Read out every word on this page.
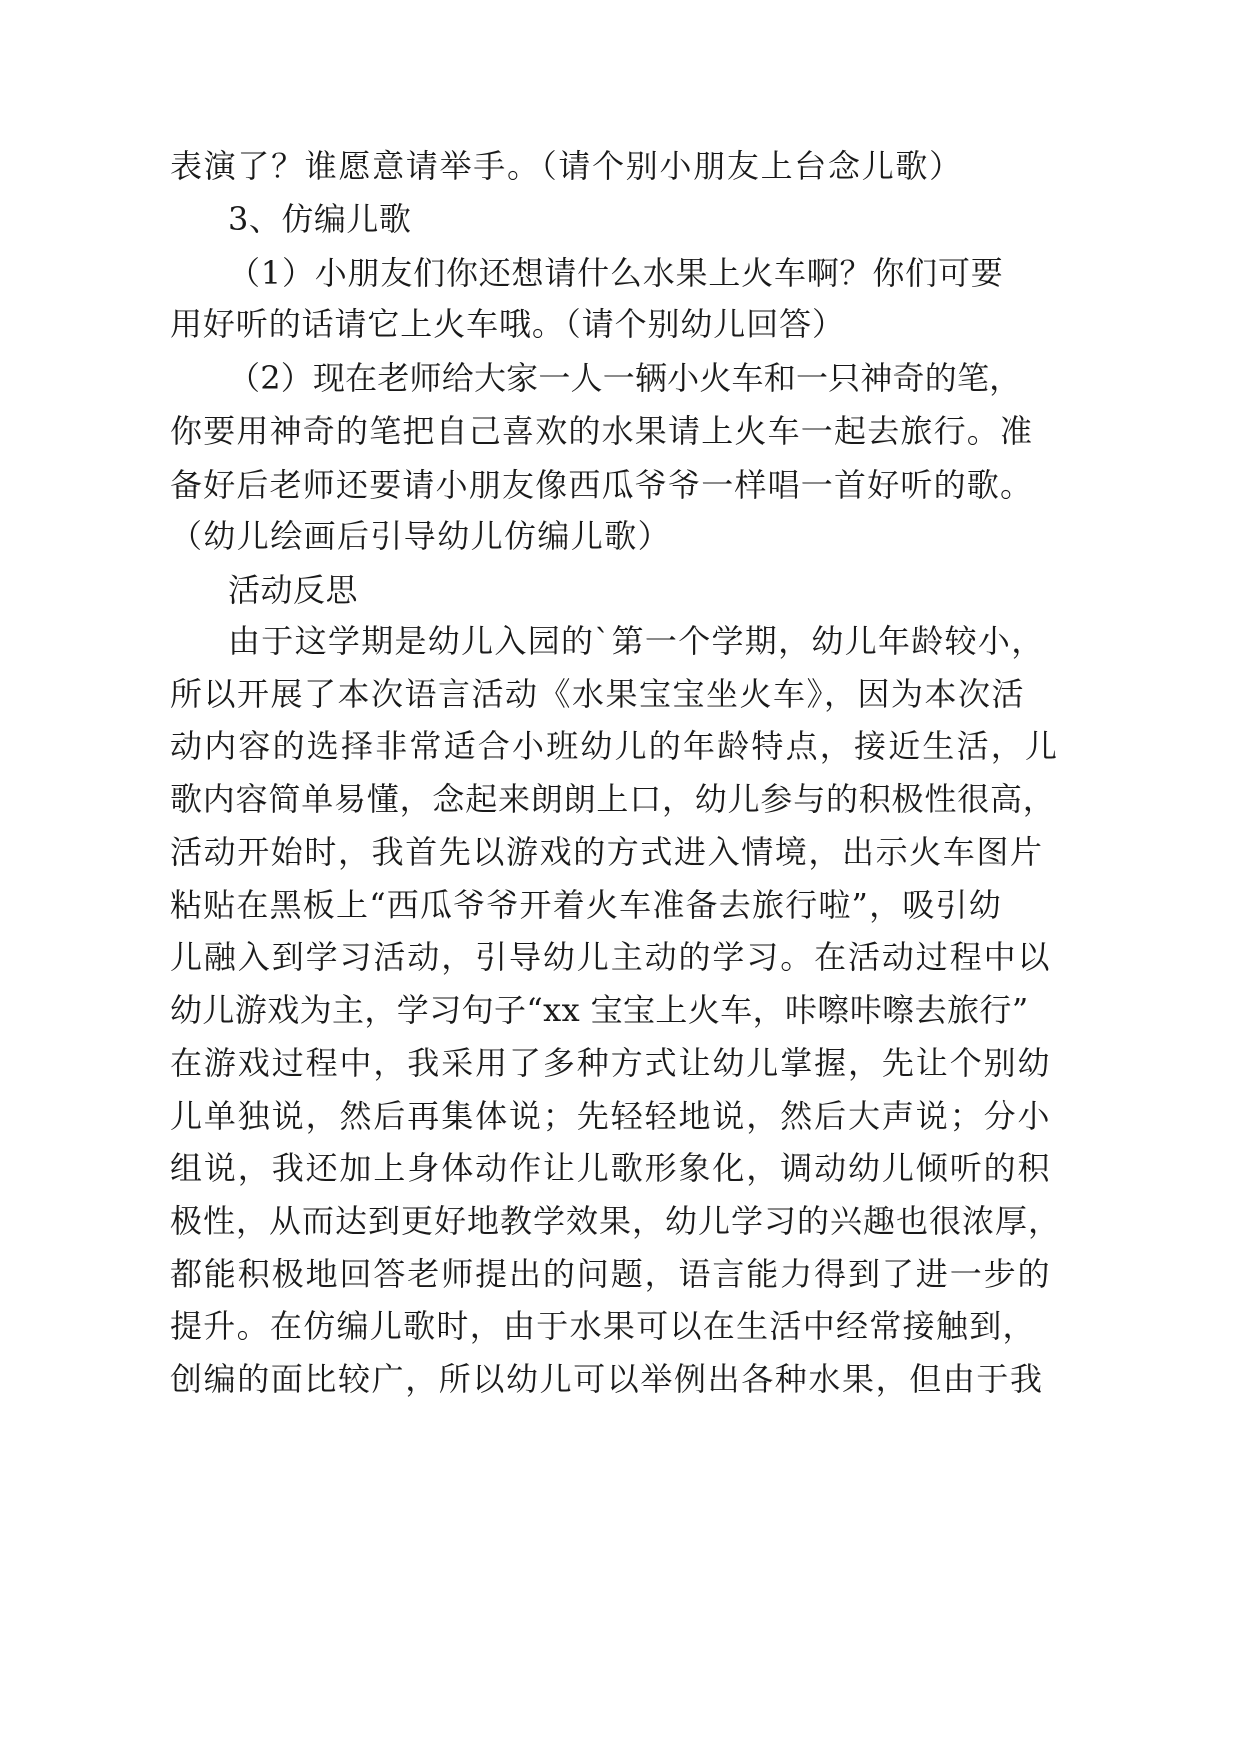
表演了？谁愿意请举手。（请个别小朋友上台念儿歌）
3、仿编儿歌
（1）小朋友们你还想请什么水果上火车啊？你们可要
用好听的话请它上火车哦。（请个别幼儿回答）
（2）现在老师给大家一人一辆小火车和一只神奇的笔，
你要用神奇的笔把自己喜欢的水果请上火车一起去旅行。准
备好后老师还要请小朋友像西瓜爷爷一样唱一首好听的歌。
（幼儿绘画后引导幼儿仿编儿歌）
活动反思
由于这学期是幼儿入园的`第一个学期，幼儿年龄较小，
所以开展了本次语言活动《水果宝宝坐火车》，因为本次活
动内容的选择非常适合小班幼儿的年龄特点，接近生活，儿
歌内容简单易懂，念起来朗朗上口，幼儿参与的积极性很高，
活动开始时，我首先以游戏的方式进入情境，出示火车图片
粘贴在黑板上“西瓜爷爷开着火车准备去旅行啦”，吸引幼
儿融入到学习活动，引导幼儿主动的学习。在活动过程中以
幼儿游戏为主，学习句子“xx 宝宝上火车，咔嚓咔嚓去旅行”
在游戏过程中，我采用了多种方式让幼儿掌握，先让个别幼
儿单独说，然后再集体说；先轻轻地说，然后大声说；分小
组说，我还加上身体动作让儿歌形象化，调动幼儿倾听的积
极性，从而达到更好地教学效果，幼儿学习的兴趣也很浓厚，
都能积极地回答老师提出的问题，语言能力得到了进一步的
提升。在仿编儿歌时，由于水果可以在生活中经常接触到，
创编的面比较广，所以幼儿可以举例出各种水果，但由于我
